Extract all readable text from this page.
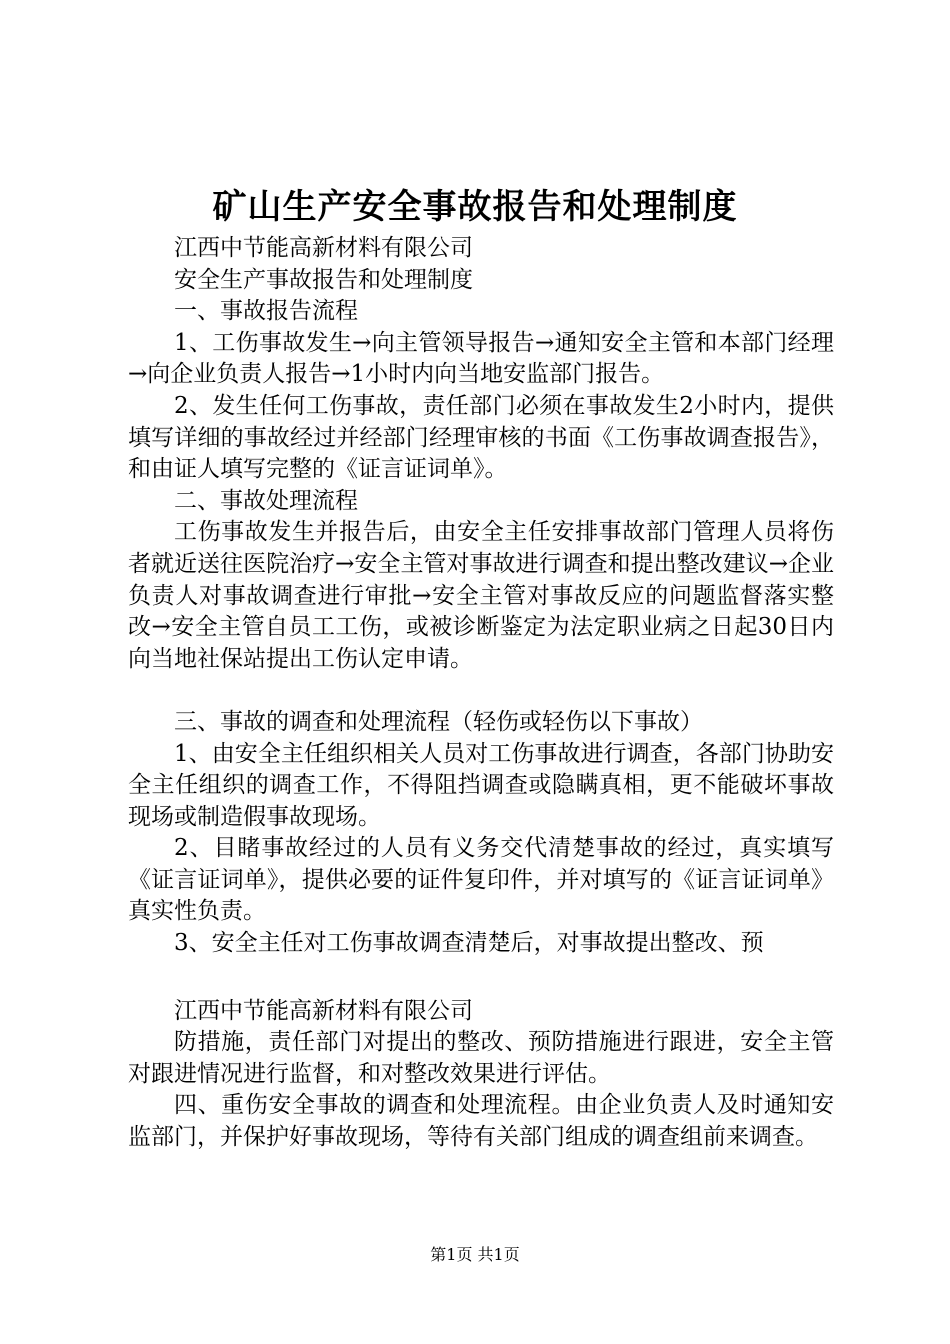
矿山生产安全事故报告和处理制度

江西中节能高新材料有限公司

安全生产事故报告和处理制度

一、事故报告流程

1、工伤事故发生→向主管领导报告→通知安全主管和本部门经理→向企业负责人报告→1小时内向当地安监部门报告。

2、发生任何工伤事故，责任部门必须在事故发生2小时内，提供填写详细的事故经过并经部门经理审核的书面《工伤事故调查报告》，和由证人填写完整的《证言证词单》。

二、事故处理流程

工伤事故发生并报告后，由安全主任安排事故部门管理人员将伤者就近送往医院治疗→安全主管对事故进行调查和提出整改建议→企业负责人对事故调查进行审批→安全主管对事故反应的问题监督落实整改→安全主管自员工工伤，或被诊断鉴定为法定职业病之日起30日内向当地社保站提出工伤认定申请。

三、事故的调查和处理流程（轻伤或轻伤以下事故）

1、由安全主任组织相关人员对工伤事故进行调查，各部门协助安全主任组织的调查工作，不得阻挡调查或隐瞒真相，更不能破坏事故现场或制造假事故现场。

2、目睹事故经过的人员有义务交代清楚事故的经过，真实填写《证言证词单》，提供必要的证件复印件，并对填写的《证言证词单》真实性负责。

3、安全主任对工伤事故调查清楚后，对事故提出整改、预

江西中节能高新材料有限公司

防措施，责任部门对提出的整改、预防措施进行跟进，安全主管对跟进情况进行监督，和对整改效果进行评估。

四、重伤安全事故的调查和处理流程。由企业负责人及时通知安监部门，并保护好事故现场，等待有关部门组成的调查组前来调查。

第1页 共1页
